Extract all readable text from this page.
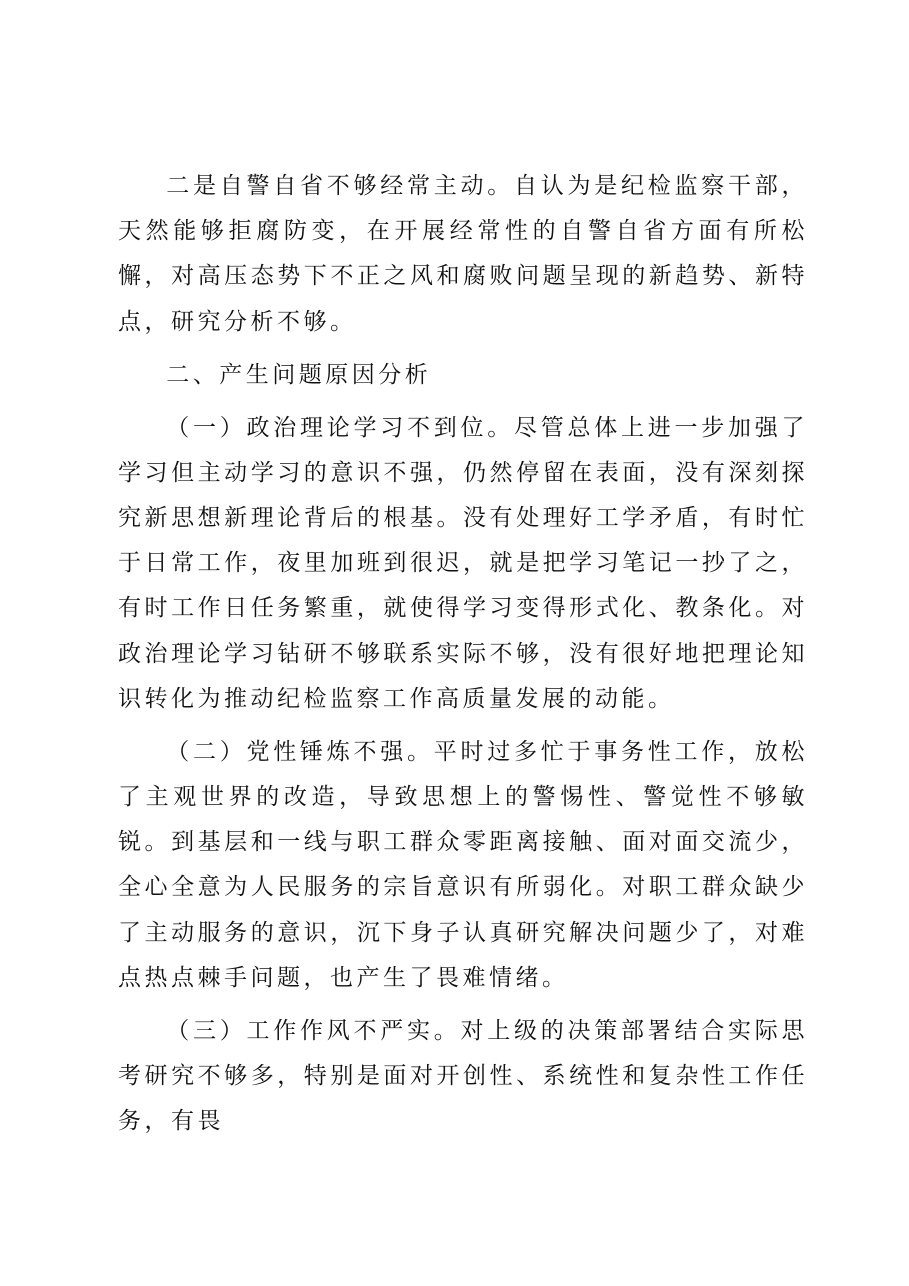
二是自警自省不够经常主动。自认为是纪检监察干部，天然能够拒腐防变，在开展经常性的自警自省方面有所松懈，对高压态势下不正之风和腐败问题呈现的新趋势、新特点，研究分析不够。

二、产生问题原因分析

（一）政治理论学习不到位。尽管总体上进一步加强了学习但主动学习的意识不强，仍然停留在表面，没有深刻探究新思想新理论背后的根基。没有处理好工学矛盾，有时忙于日常工作，夜里加班到很迟，就是把学习笔记一抄了之，有时工作日任务繁重，就使得学习变得形式化、教条化。对政治理论学习钻研不够联系实际不够，没有很好地把理论知识转化为推动纪检监察工作高质量发展的动能。

（二）党性锤炼不强。平时过多忙于事务性工作，放松了主观世界的改造，导致思想上的警惕性、警觉性不够敏锐。到基层和一线与职工群众零距离接触、面对面交流少，全心全意为人民服务的宗旨意识有所弱化。对职工群众缺少了主动服务的意识，沉下身子认真研究解决问题少了，对难点热点棘手问题，也产生了畏难情绪。

（三）工作作风不严实。对上级的决策部署结合实际思考研究不够多，特别是面对开创性、系统性和复杂性工作任务，有畏
